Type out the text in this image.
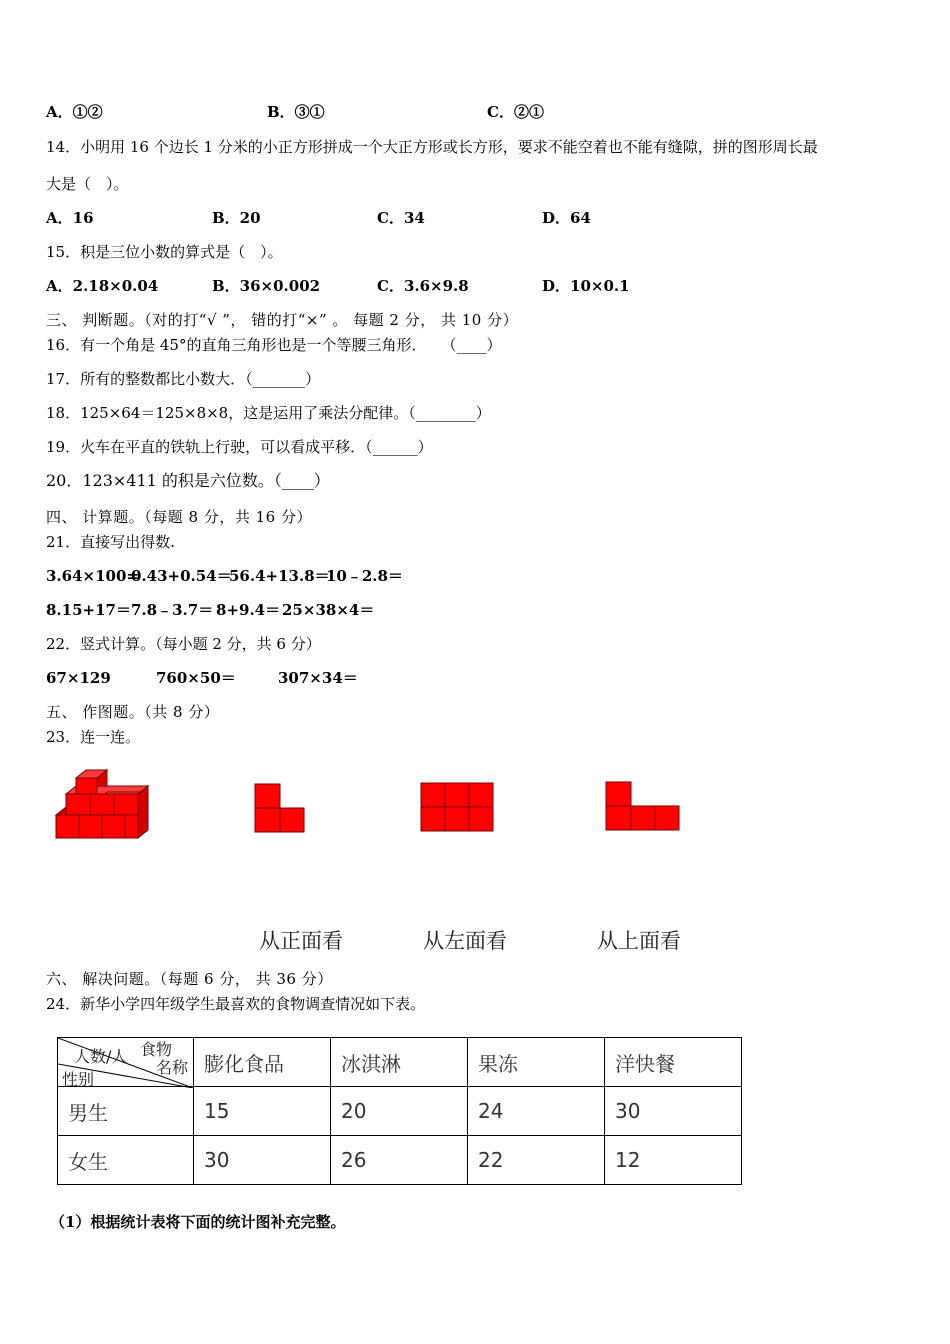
A．①②	B．③①	C．②①
14．小明用 16 个边长 1 分米的小正方形拼成一个大正方形或长方形，要求不能空着也不能有缝隙，拼的图形周长最
大是（　）。
A．16	B．20	C．34	D．64
15．积是三位小数的算式是（　）。
A．2.18×0.04	B．36×0.002	C．3.6×9.8	D．10×0.1
三、 判断题。（对的打“√ ”， 错的打“×” 。 每题 2 分， 共 10 分）
16．有一个角是 45°的直角三角形也是一个等腰三角形．　　（____）
17．所有的整数都比小数大．（_______）
18．125×64＝125×8×8，这是运用了乘法分配律。（________）
19．火车在平直的铁轨上行驶，可以看成平移．（______）
20．123×411 的积是六位数。（____）
四、 计算题。（每题 8 分，共 16 分）
21．直接写出得数.
3.64×100=
0.43+0.54＝
56.4+13.8＝
10﹣2.8＝
8.15+17＝ 7.8﹣3.7＝ 8+9.4＝ 25×38×4＝
22．竖式计算。（每小题 2 分，共 6 分）
67×129	760×50＝	307×34＝
五、 作图题。（共 8 分）
23．连一连。
从正面看	从左面看	从上面看
六、 解决问题。（每题 6 分， 共 36 分）
24．新华小学四年级学生最喜欢的食物调查情况如下表。
食物
名称
人数/人
性别	膨化食品	冰淇淋	果冻	洋快餐
男生	15	20	24	30
女生	30	26	22	12
（1）根据统计表将下面的统计图补充完整。
